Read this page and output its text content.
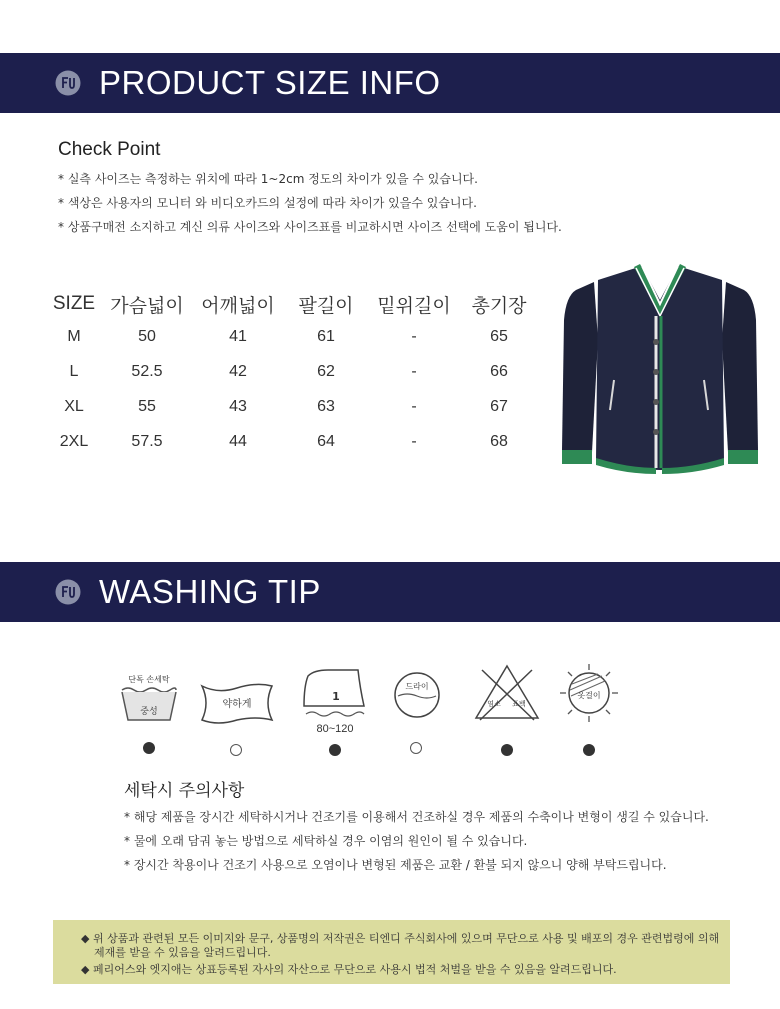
PRODUCT SIZE INFO
Check Point
* 실측 사이즈는 측정하는 위치에 따라 1~2cm 정도의 차이가 있을 수 있습니다.
* 색상은 사용자의 모니터 와 비디오카드의 설정에 따라 차이가 있을수 있습니다.
* 상품구매전 소지하고 계신 의류 사이즈와 사이즈표를 비교하시면 사이즈 선택에 도움이 됩니다.
SIZE	가슴넓이	어깨넓이	팔길이	밑위길이	총기장
M	50	41	61	-	65
L	52.5	42	62	-	66
XL	55	43	63	-	67
2XL	57.5	44	64	-	68
WASHING TIP
단독 손세탁
중성
약하게
1
80~120
드라이
염소 표백
옷걸이
세탁시 주의사항
* 해당 제품을 장시간 세탁하시거나 건조기를 이용해서 건조하실 경우 제품의 수축이나 변형이 생길 수 있습니다.
* 물에 오래 담궈 놓는 방법으로 세탁하실 경우 이염의 원인이 될 수 있습니다.
* 장시간 착용이나 건조기 사용으로 오염이나 변형된 제품은 교환 / 환불 되지 않으니 양해 부탁드립니다.
◆ 위 상품과 관련된 모든 이미지와 문구, 상품명의 저작권은 티엔디 주식회사에 있으며 무단으로 사용 및 배포의 경우 관련법령에 의해
제재를 받을 수 있음을 알려드립니다.
◆ 페리어스와 엣지애는 상표등록된 자사의 자산으로 무단으로 사용시 법적 처벌을 받을 수 있음을 알려드립니다.
